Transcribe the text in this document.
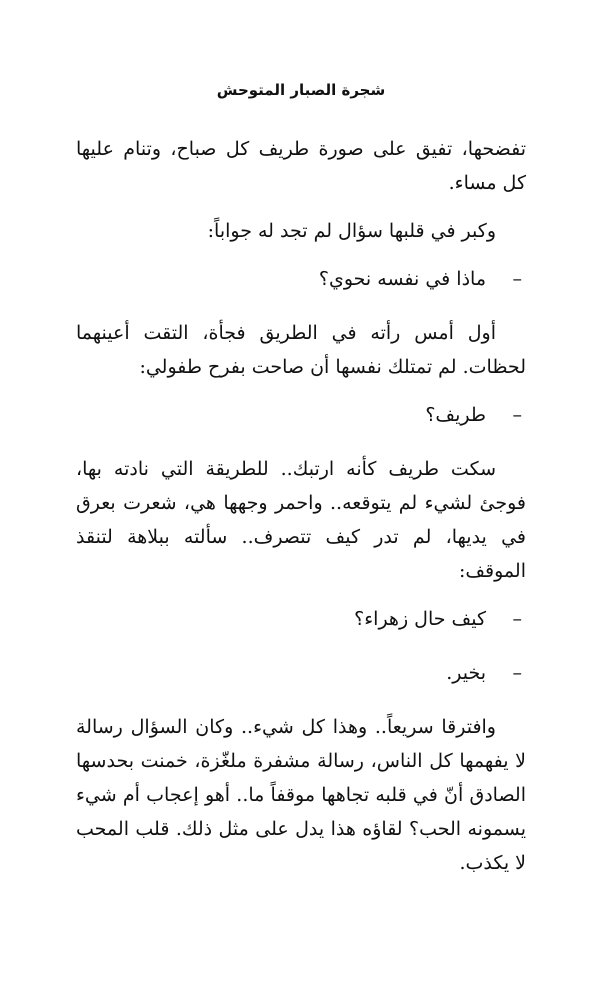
شجرة الصبار المتوحش

تفضحها، تفيق على صورة طريف كل صباح، وتنام عليها كل مساء.

وكبر في قلبها سؤال لم تجد له جواباً:

–
ماذا في نفسه نحوي؟

أول أمس رأته في الطريق فجأة، التقت أعينهما لحظات. لم تمتلك نفسها أن صاحت بفرح طفولي:

–
طريف؟

سكت طريف كأنه ارتبك.. للطريقة التي نادته بها، فوجئ لشيء لم يتوقعه.. واحمر وجهها هي، شعرت بعرق في يديها، لم تدر كيف تتصرف.. سألته ببلاهة لتنقذ الموقف:

–
كيف حال زهراء؟
–
بخير.

وافترقا سريعاً.. وهذا كل شيء.. وكان السؤال رسالة لا يفهمها كل الناس، رسالة مشفرة ملغّزة، خمنت بحدسها الصادق أنّ في قلبه تجاهها موقفاً ما.. أهو إعجاب أم شيء يسمونه الحب؟ لقاؤه هذا يدل على مثل ذلك. قلب المحب لا يكذب.
